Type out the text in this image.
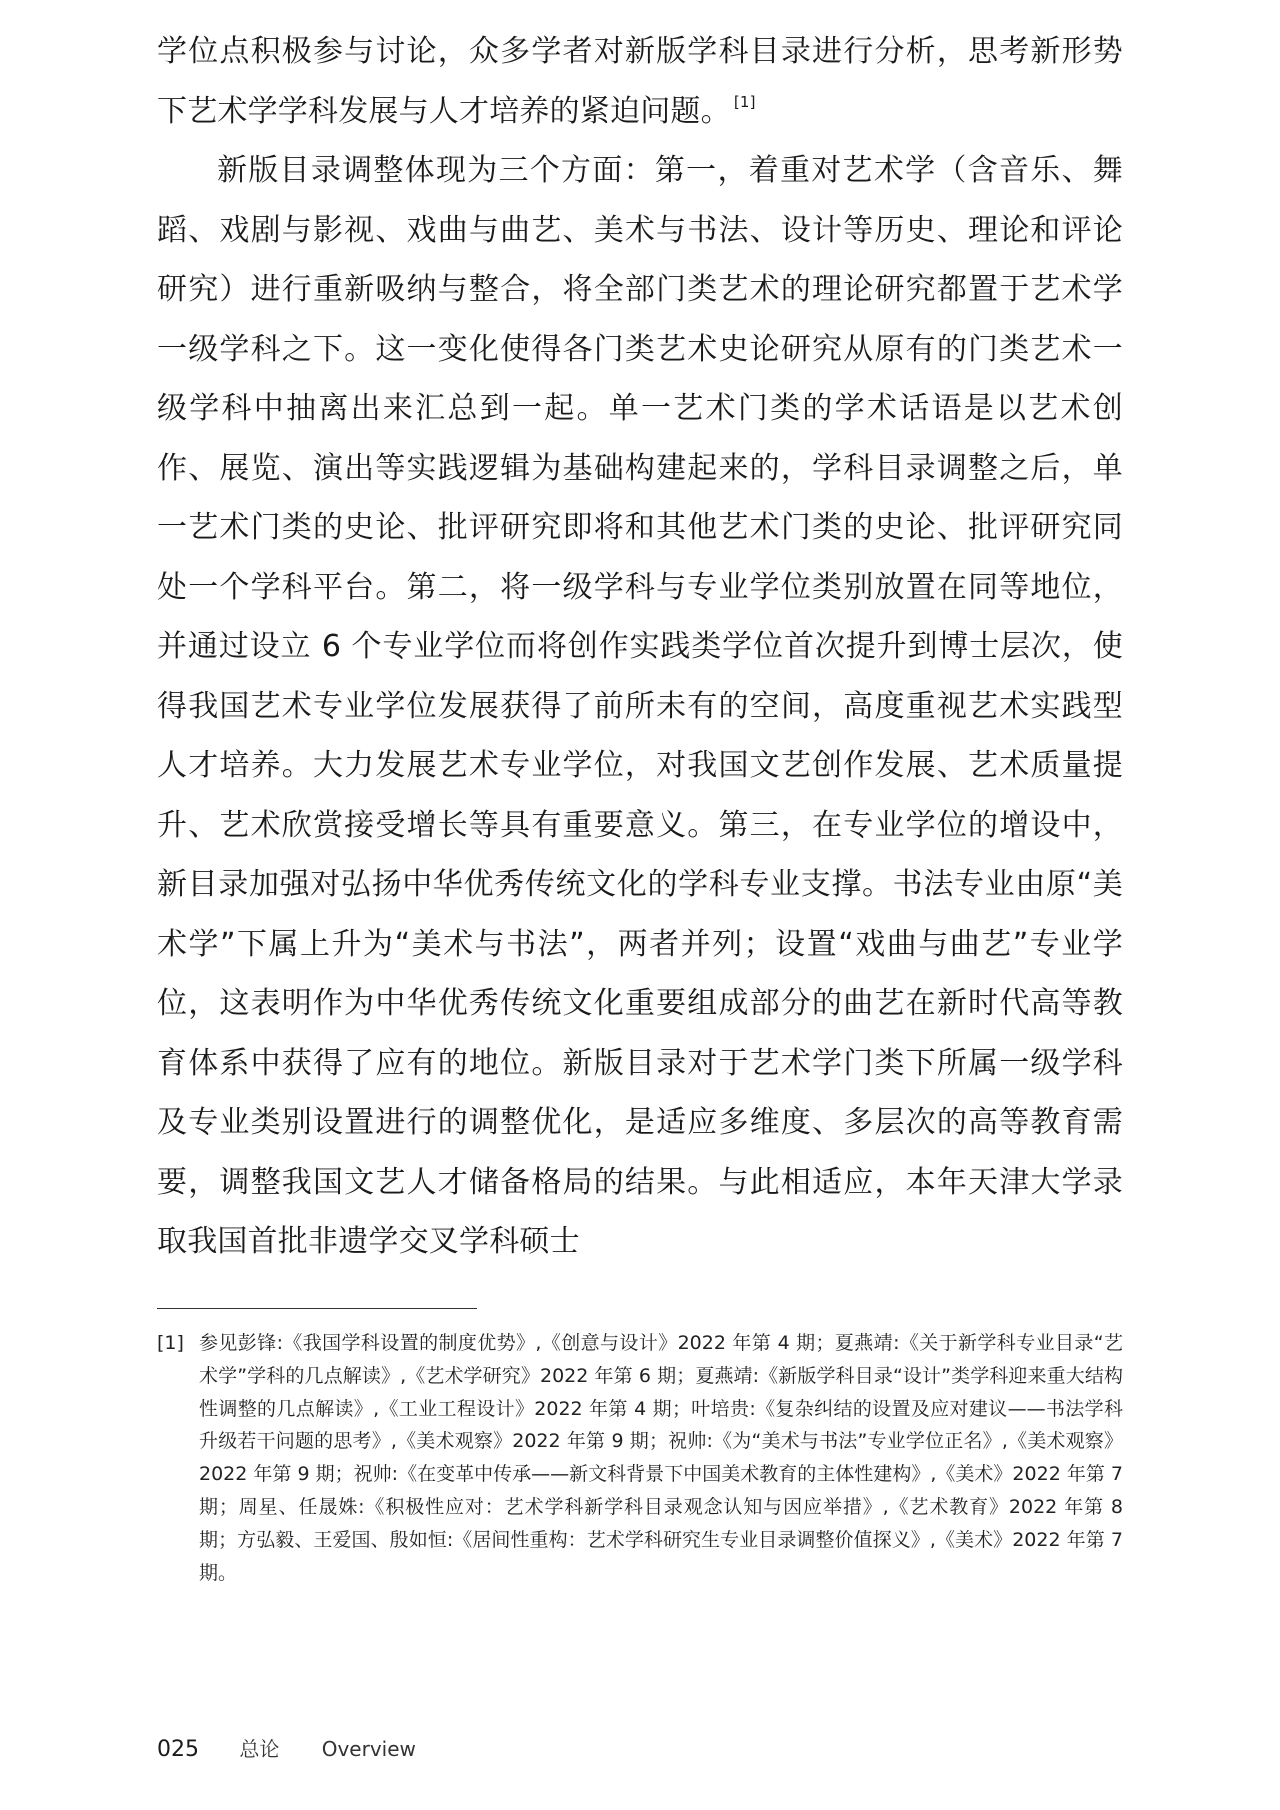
学位点积极参与讨论，众多学者对新版学科目录进行分析，思考新形势下艺术学学科发展与人才培养的紧迫问题。 [1]

新版目录调整体现为三个方面：第一，着重对艺术学（含音乐、舞蹈、戏剧与影视、戏曲与曲艺、美术与书法、设计等历史、理论和评论研究）进行重新吸纳与整合，将全部门类艺术的理论研究都置于艺术学一级学科之下。这一变化使得各门类艺术史论研究从原有的门类艺术一级学科中抽离出来汇总到一起。单一艺术门类的学术话语是以艺术创作、展览、演出等实践逻辑为基础构建起来的，学科目录调整之后，单一艺术门类的史论、批评研究即将和其他艺术门类的史论、批评研究同处一个学科平台。第二，将一级学科与专业学位类别放置在同等地位，并通过设立 6 个专业学位而将创作实践类学位首次提升到博士层次，使得我国艺术专业学位发展获得了前所未有的空间，高度重视艺术实践型人才培养。大力发展艺术专业学位，对我国文艺创作发展、艺术质量提升、艺术欣赏接受增长等具有重要意义。第三，在专业学位的增设中，新目录加强对弘扬中华优秀传统文化的学科专业支撑。书法专业由原“美术学”下属上升为“美术与书法”，两者并列；设置“戏曲与曲艺”专业学位，这表明作为中华优秀传统文化重要组成部分的曲艺在新时代高等教育体系中获得了应有的地位。新版目录对于艺术学门类下所属一级学科及专业类别设置进行的调整优化，是适应多维度、多层次的高等教育需要，调整我国文艺人才储备格局的结果。与此相适应，本年天津大学录取我国首批非遗学交叉学科硕士

[1] 参见彭锋:《我国学科设置的制度优势》,《创意与设计》2022 年第 4 期；夏燕靖:《关于新学科专业目录“艺术学”学科的几点解读》,《艺术学研究》2022 年第 6 期；夏燕靖:《新版学科目录“设计”类学科迎来重大结构性调整的几点解读》,《工业工程设计》2022 年第 4 期；叶培贵:《复杂纠结的设置及应对建议——书法学科升级若干问题的思考》,《美术观察》2022 年第 9 期；祝帅:《为“美术与书法”专业学位正名》,《美术观察》2022 年第 9 期；祝帅:《在变革中传承——新文科背景下中国美术教育的主体性建构》,《美术》2022 年第 7 期；周星、任晟姝:《积极性应对：艺术学科新学科目录观念认知与因应举措》,《艺术教育》2022 年第 8 期；方弘毅、王爱国、殷如恒:《居间性重构：艺术学科研究生专业目录调整价值探义》,《美术》2022 年第 7 期。
025 总论 Overview
